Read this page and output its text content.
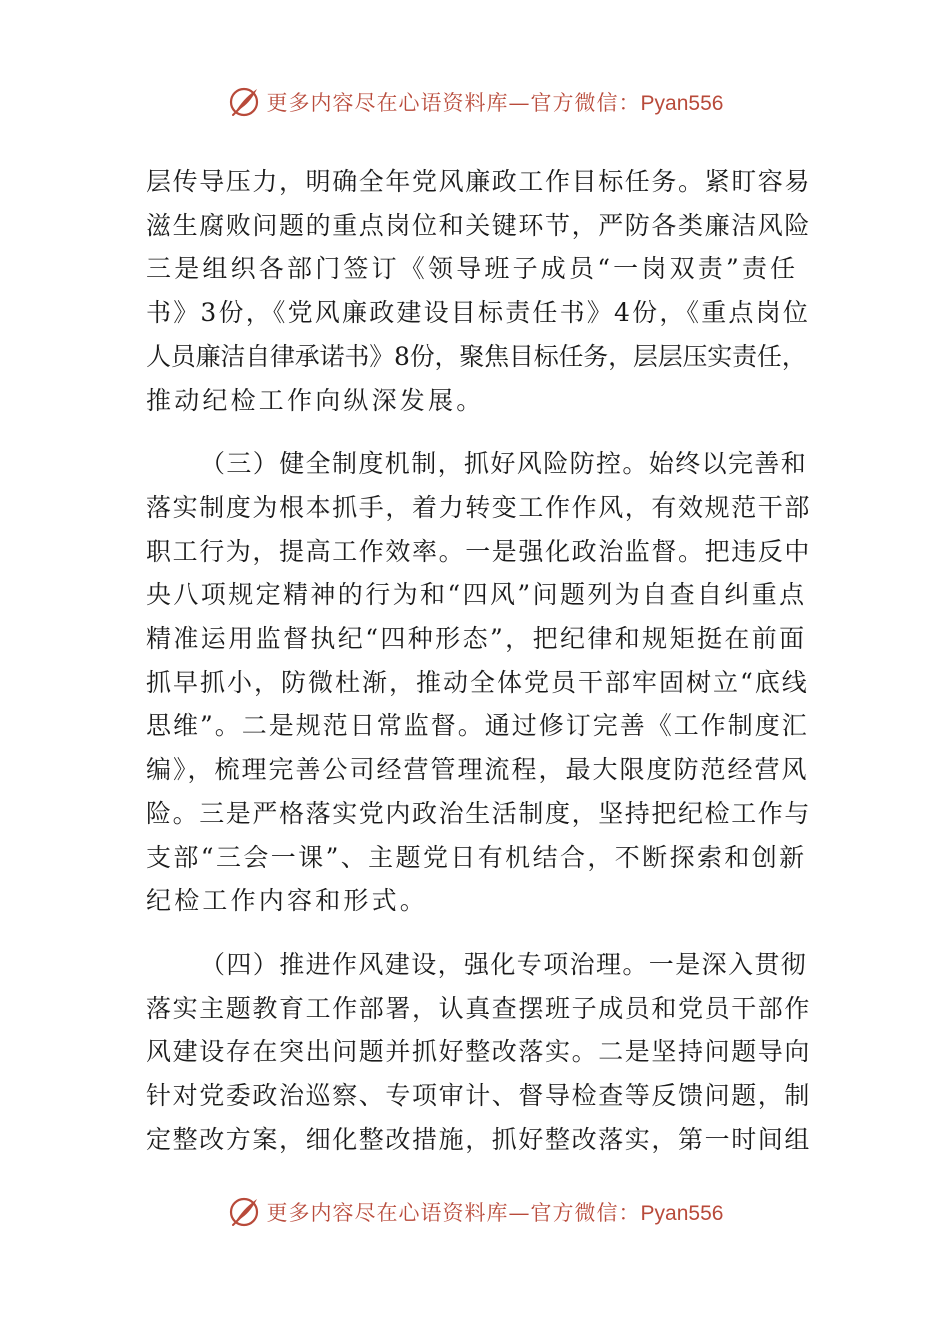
更多内容尽在心语资料库—官方微信：Pyan556
层传导压力，明确全年党风廉政工作目标任务。紧盯容易
滋生腐败问题的重点岗位和关键环节，严防各类廉洁风险
三是组织各部门签订《领导班子成员“一岗双责”责任
书》3份，《党风廉政建设目标责任书》4份，《重点岗位
人员廉洁自律承诺书》8份，聚焦目标任务，层层压实责任，
推动纪检工作向纵深发展。
（三）健全制度机制，抓好风险防控。始终以完善和
落实制度为根本抓手，着力转变工作作风，有效规范干部
职工行为，提高工作效率。一是强化政治监督。把违反中
央八项规定精神的行为和“四风”问题列为自查自纠重点
精准运用监督执纪“四种形态”，把纪律和规矩挺在前面
抓早抓小，防微杜渐，推动全体党员干部牢固树立“底线
思维”。二是规范日常监督。通过修订完善《工作制度汇
编》，梳理完善公司经营管理流程，最大限度防范经营风
险。三是严格落实党内政治生活制度，坚持把纪检工作与
支部“三会一课”、主题党日有机结合，不断探索和创新
纪检工作内容和形式。
（四）推进作风建设，强化专项治理。一是深入贯彻
落实主题教育工作部署，认真查摆班子成员和党员干部作
风建设存在突出问题并抓好整改落实。二是坚持问题导向
针对党委政治巡察、专项审计、督导检查等反馈问题，制
定整改方案，细化整改措施，抓好整改落实，第一时间组
更多内容尽在心语资料库—官方微信：Pyan556
